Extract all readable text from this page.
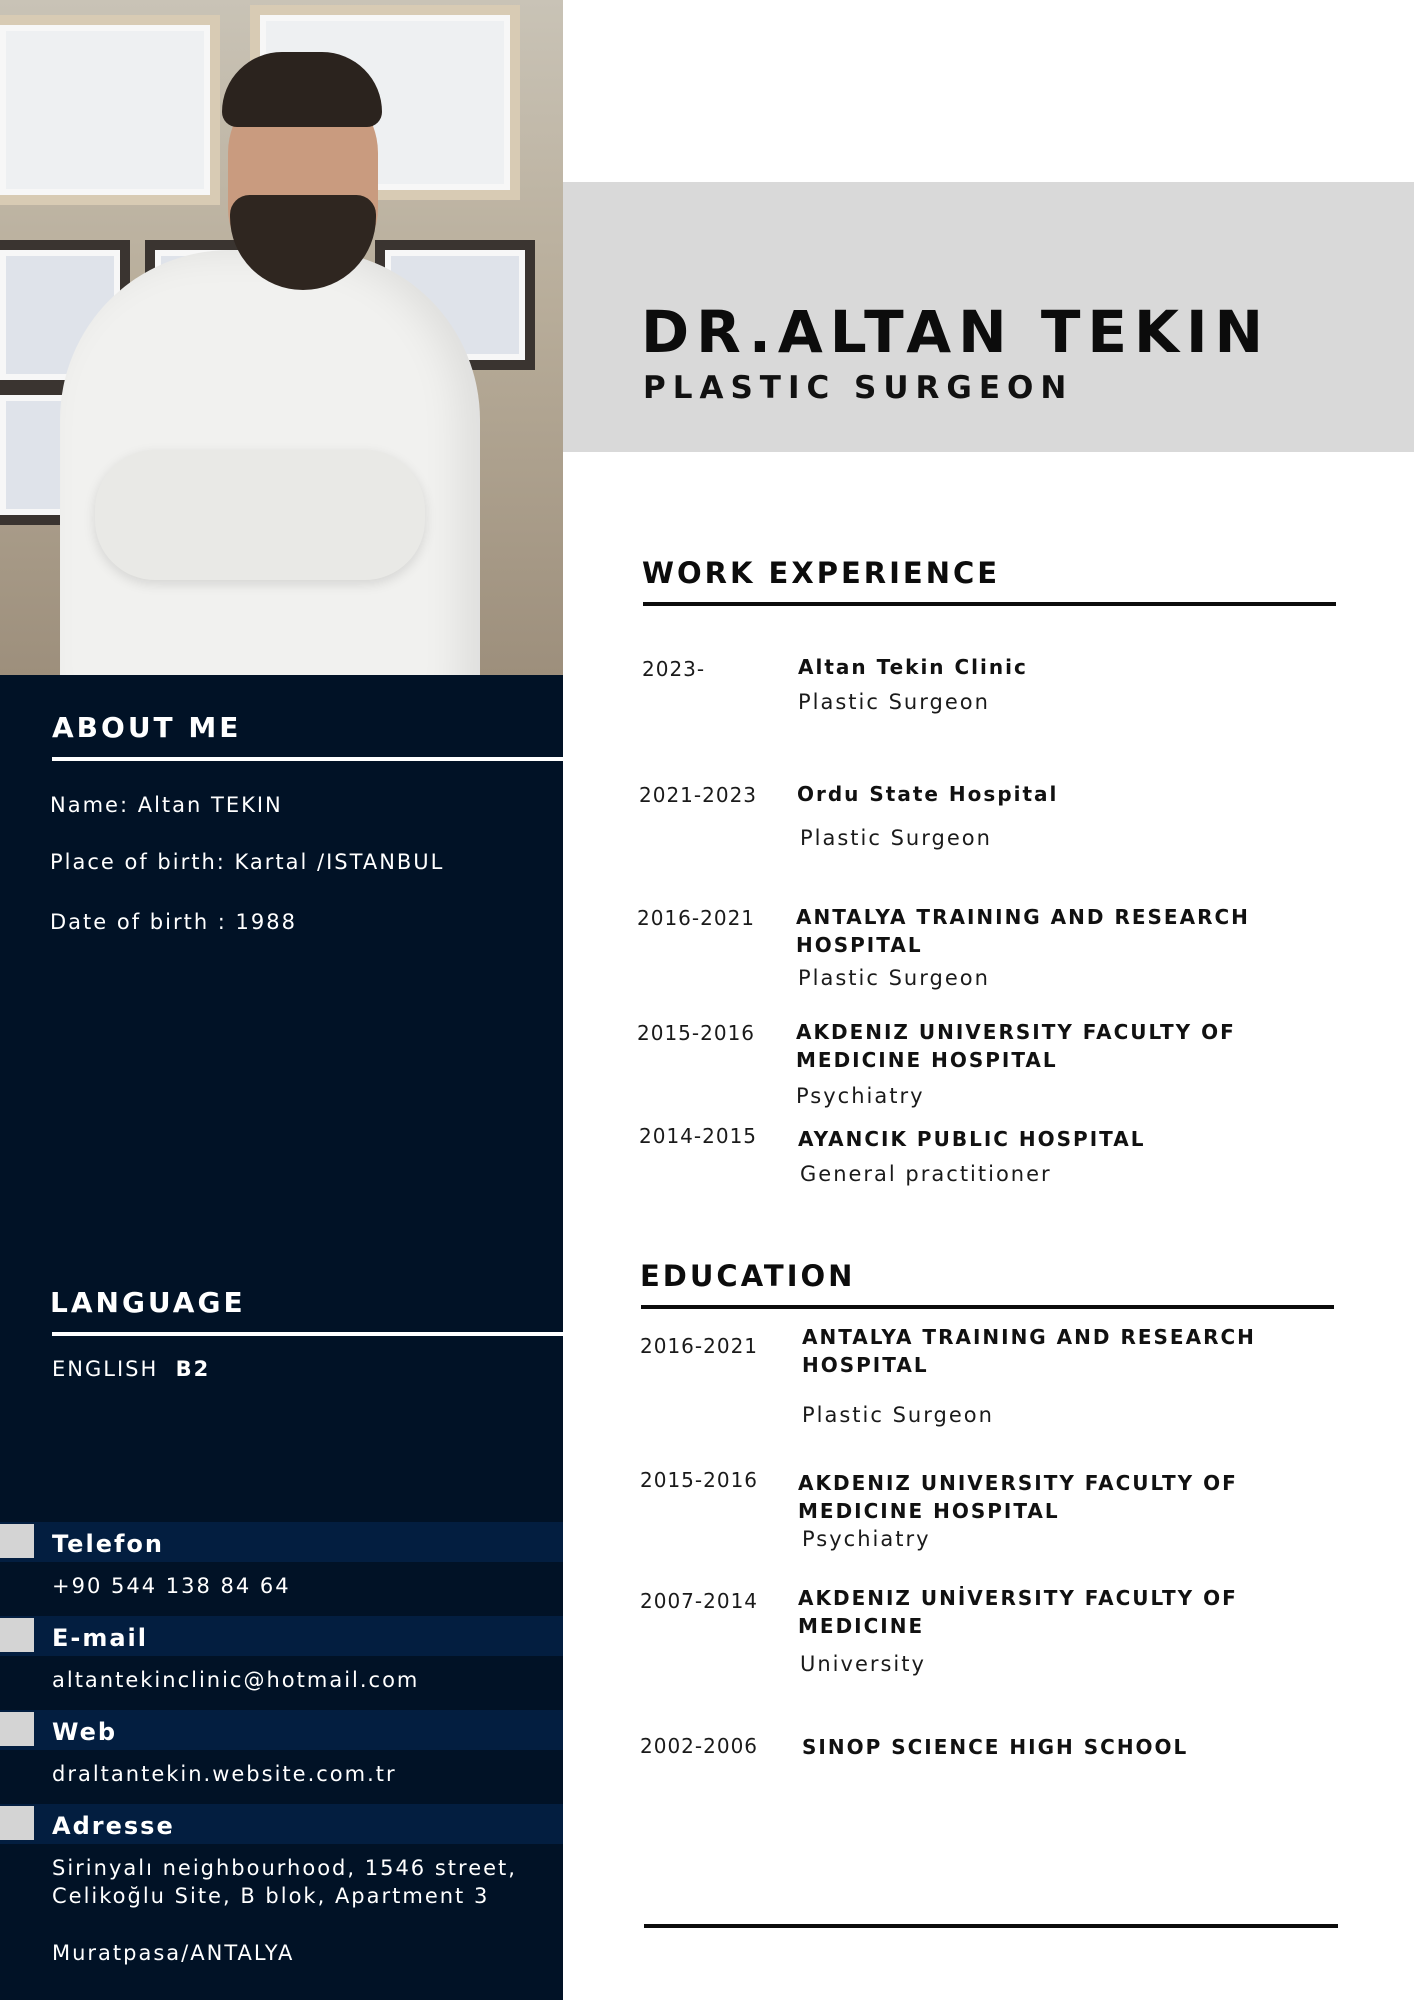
ABOUT ME
Name: Altan TEKIN
Place of birth: Kartal /ISTANBUL
Date of birth : 1988
LANGUAGE
ENGLISH B2
Telefon
+90 544 138 84 64
E-mail
altantekinclinic@hotmail.com
Web
draltantekin.website.com.tr
Adresse
Sirinyalı neighbourhood, 1546 street,
Celikoğlu Site, B blok, Apartment 3
Muratpasa/ANTALYA
DR.ALTAN TEKIN
PLASTIC SURGEON
WORK EXPERIENCE
2023-	Altan Tekin Clinic
Plastic Surgeon
2021-2023 Ordu State Hospital
Plastic Surgeon
2016-2021 ANTALYA TRAINING AND RESEARCH HOSPITAL
Plastic Surgeon
2015-2016 AKDENIZ UNIVERSITY FACULTY OF MEDICINE HOSPITAL
Psychiatry
2014-2015 AYANCIK PUBLIC HOSPITAL
General practitioner
EDUCATION
2016-2021 ANTALYA TRAINING AND RESEARCH HOSPITAL
Plastic Surgeon
2015-2016 AKDENIZ UNIVERSITY FACULTY OF MEDICINE HOSPITAL
Psychiatry
2007-2014 AKDENIZ UNİVERSITY FACULTY OF MEDICINE
University
2002-2006 SINOP SCIENCE HIGH SCHOOL
